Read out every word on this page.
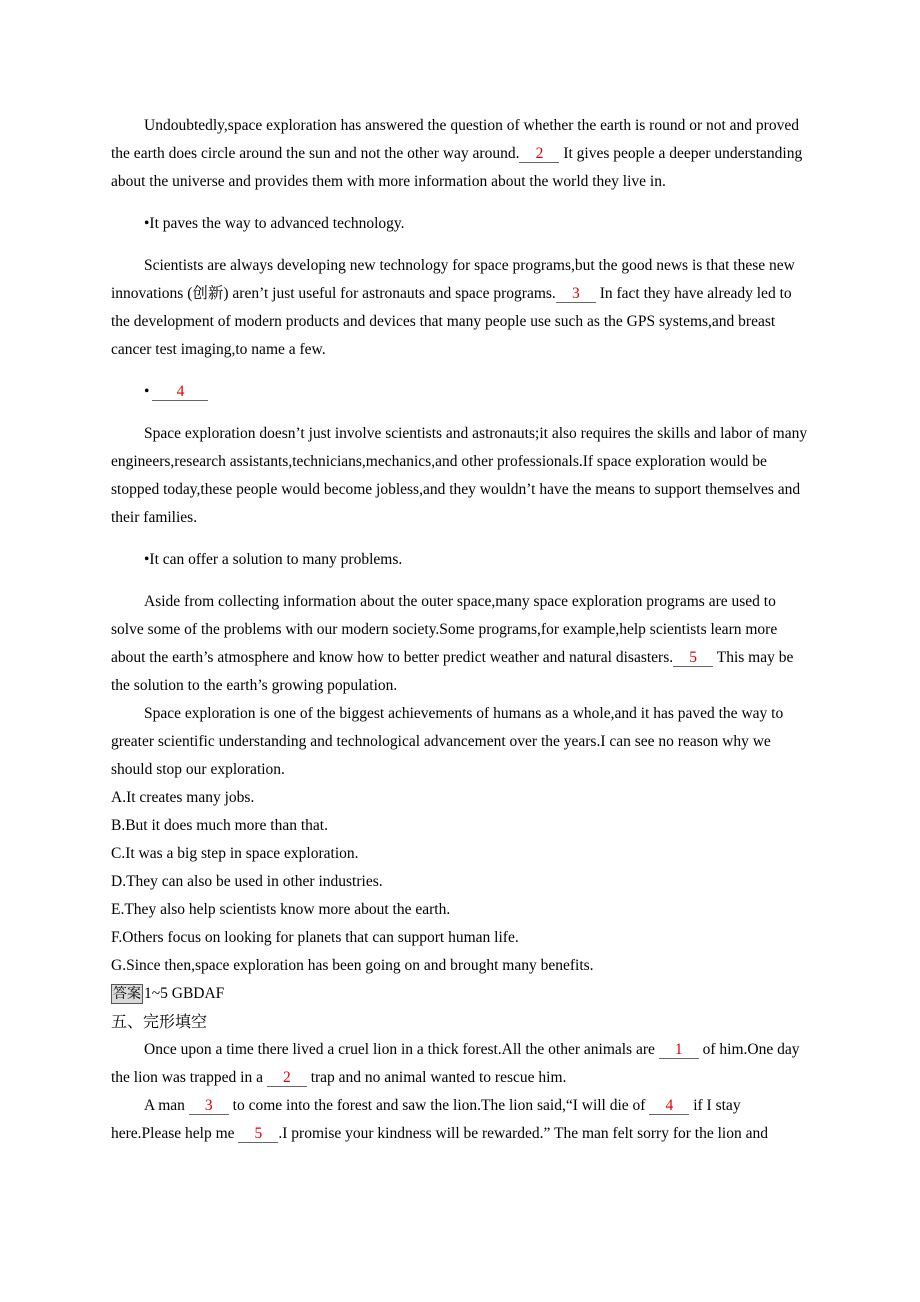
Undoubtedly,space exploration has answered the question of whether the earth is round or not and proved the earth does circle around the sun and not the other way around. 2 It gives people a deeper understanding about the universe and provides them with more information about the world they live in.

•It paves the way to advanced technology.

Scientists are always developing new technology for space programs,but the good news is that these new innovations (创新) aren’t just useful for astronauts and space programs. 3 In fact they have already led to the development of modern products and devices that many people use such as the GPS systems,and breast cancer test imaging,to name a few.

• 4

Space exploration doesn’t just involve scientists and astronauts;it also requires the skills and labor of many engineers,research assistants,technicians,mechanics,and other professionals.If space exploration would be stopped today,these people would become jobless,and they wouldn’t have the means to support themselves and their families.

•It can offer a solution to many problems.

Aside from collecting information about the outer space,many space exploration programs are used to solve some of the problems with our modern society.Some programs,for example,help scientists learn more about the earth’s atmosphere and know how to better predict weather and natural disasters. 5 This may be the solution to the earth’s growing population.

Space exploration is one of the biggest achievements of humans as a whole,and it has paved the way to greater scientific understanding and technological advancement over the years.I can see no reason why we should stop our exploration.

A.It creates many jobs.

B.But it does much more than that.

C.It was a big step in space exploration.

D.They can also be used in other industries.

E.They also help scientists know more about the earth.

F.Others focus on looking for planets that can support human life.

G.Since then,space exploration has been going on and brought many benefits.

答案 1~5 GBDAF

五、完形填空

Once upon a time there lived a cruel lion in a thick forest.All the other animals are 1 of him.One day the lion was trapped in a 2 trap and no animal wanted to rescue him.

A man 3 to come into the forest and saw the lion.The lion said,“I will die of 4 if I stay here.Please help me 5 .I promise your kindness will be rewarded.” The man felt sorry for the lion and
